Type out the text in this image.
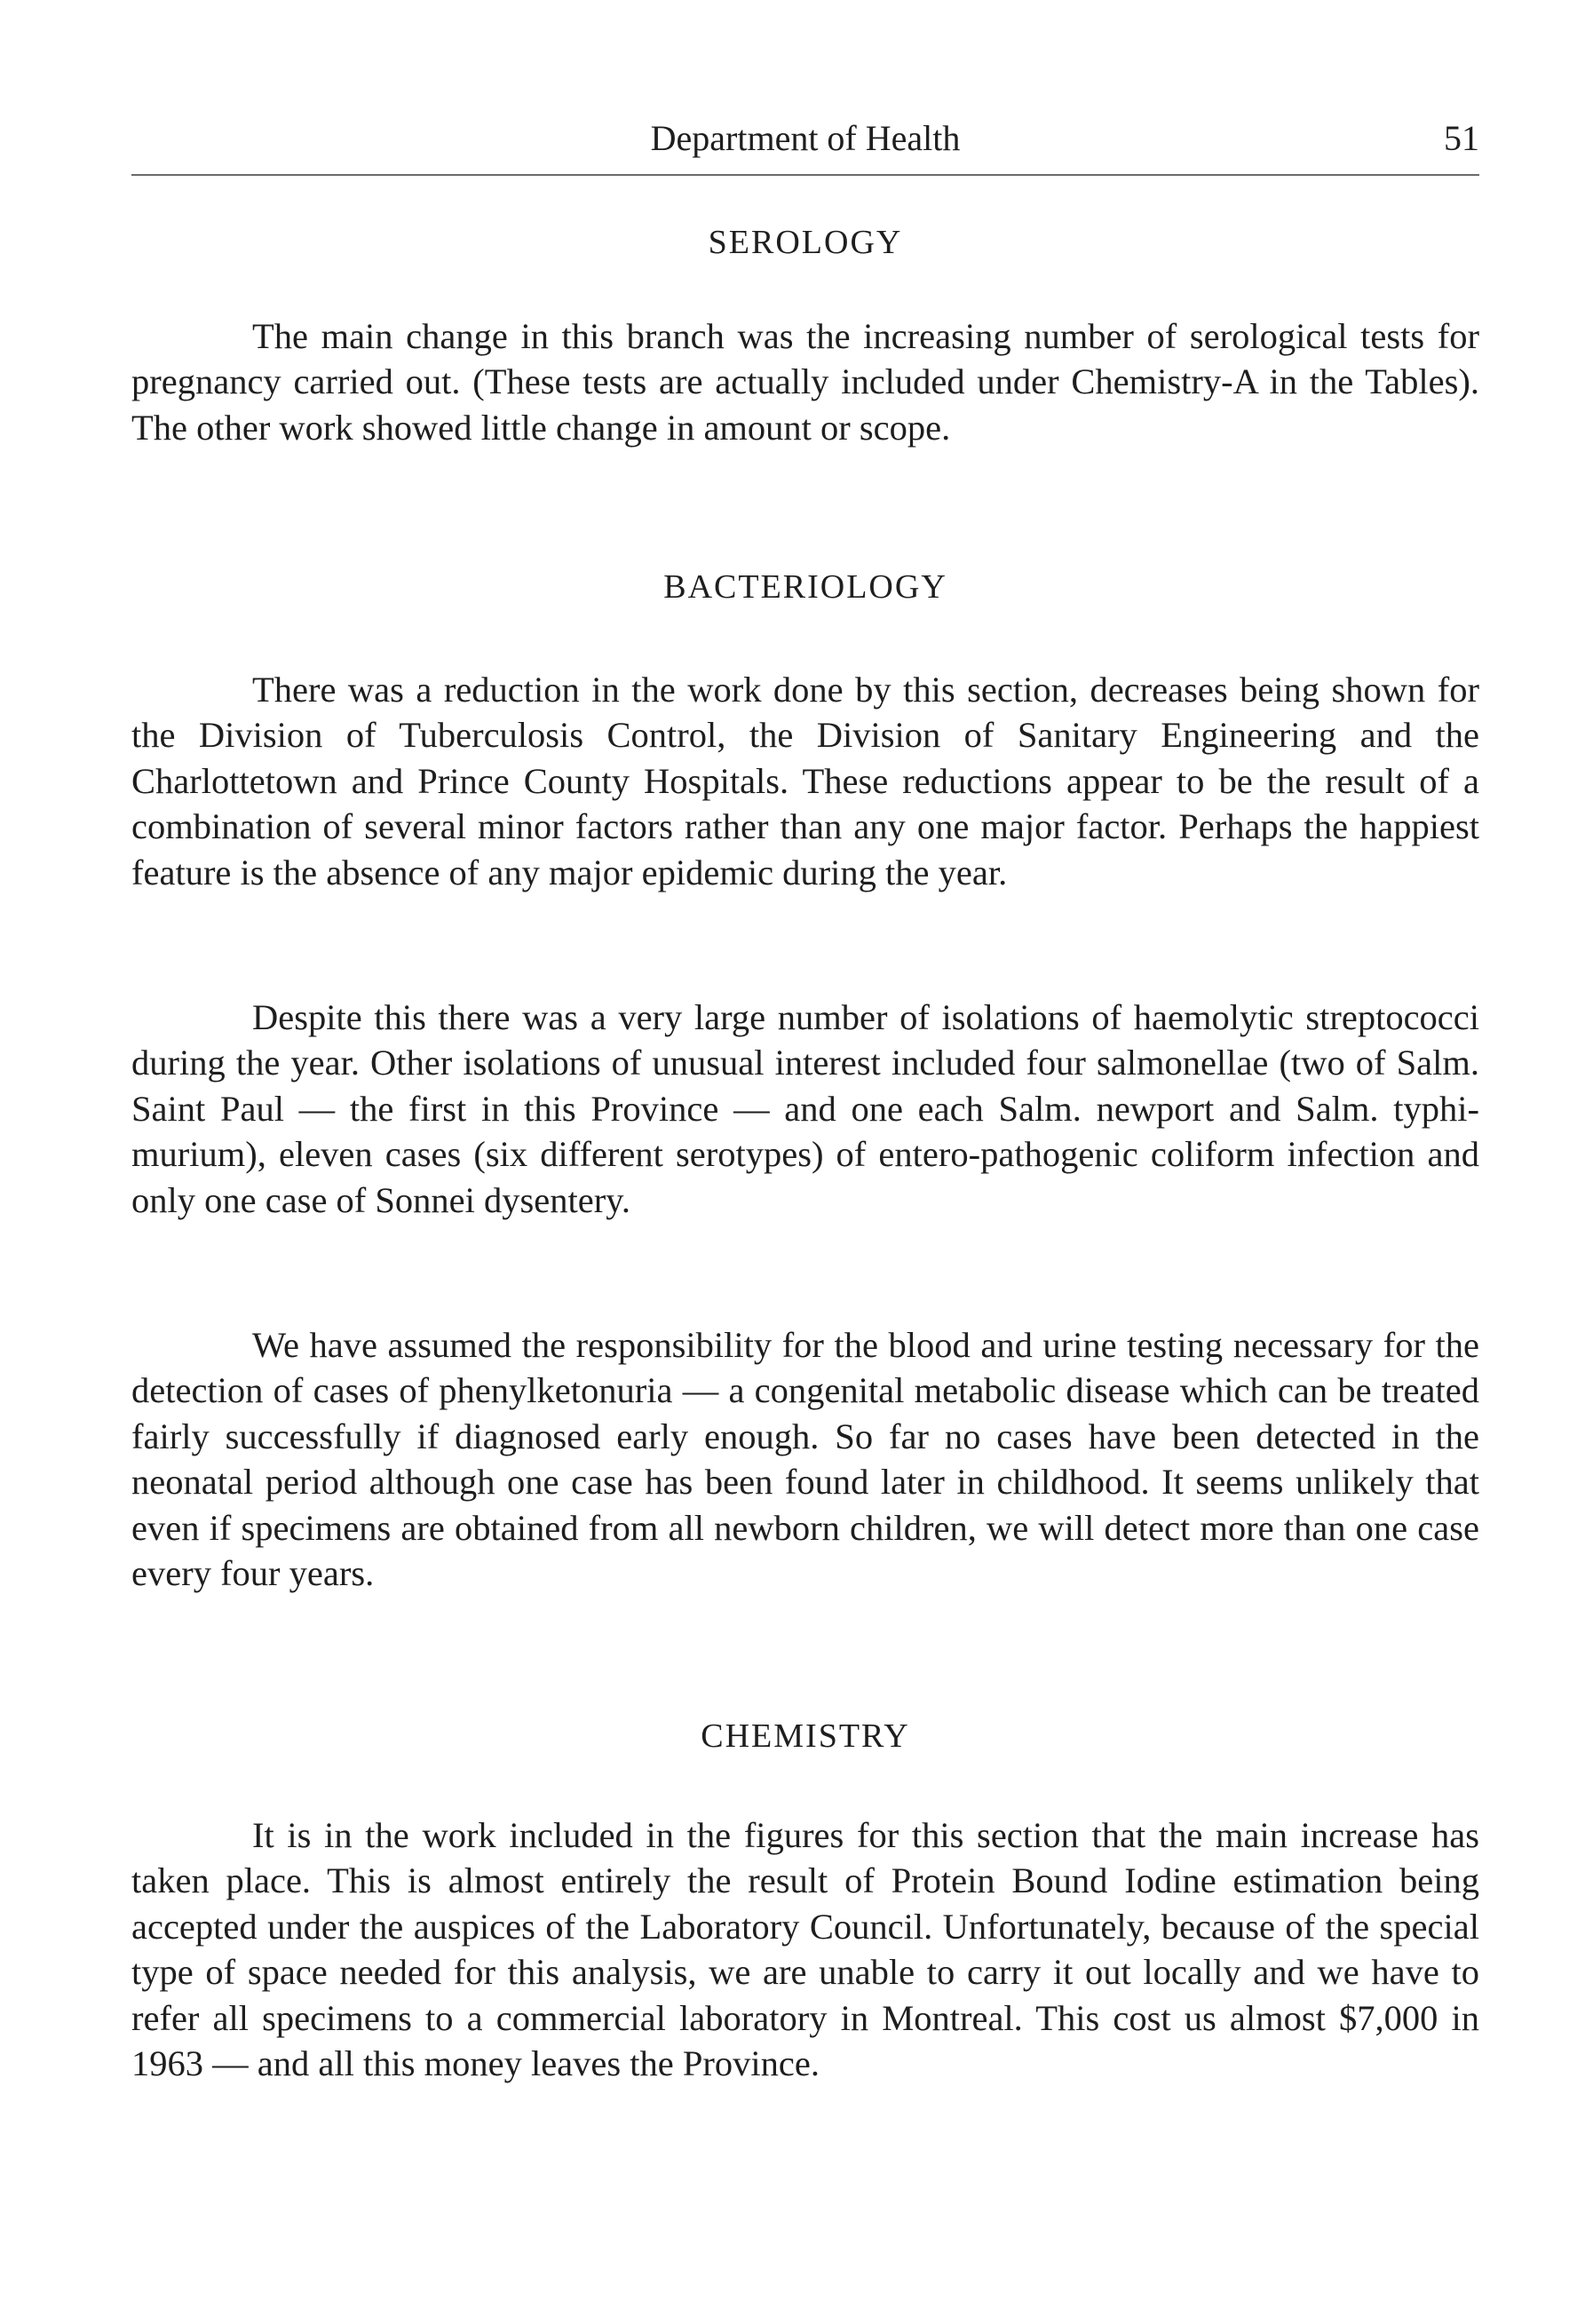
Department of Health	51
SEROLOGY

The main change in this branch was the increasing number of serological tests for pregnancy carried out. (These tests are actually included under Chemistry-A in the Tables). The other work showed little change in amount or scope.

BACTERIOLOGY

There was a reduction in the work done by this section, decreases being shown for the Division of Tuberculosis Control, the Division of Sanitary Engineering and the Charlottetown and Prince County Hospitals. These reductions appear to be the result of a combination of several minor factors rather than any one major factor. Perhaps the happiest feature is the absence of any major epidemic during the year.

Despite this there was a very large number of isolations of haemolytic streptococci during the year. Other isolations of unusual interest included four salmonellae (two of Salm. Saint Paul — the first in this Province — and one each Salm. newport and Salm. typhi-murium), eleven cases (six different serotypes) of entero-pathogenic coliform infection and only one case of Sonnei dysentery.

We have assumed the responsibility for the blood and urine testing necessary for the detection of cases of phenylketonuria — a congenital metabolic disease which can be treated fairly successfully if diagnosed early enough. So far no cases have been detected in the neonatal period although one case has been found later in childhood. It seems unlikely that even if specimens are obtained from all newborn children, we will detect more than one case every four years.

CHEMISTRY

It is in the work included in the figures for this section that the main increase has taken place. This is almost entirely the result of Protein Bound Iodine estimation being accepted under the auspices of the Laboratory Council. Unfortunately, because of the special type of space needed for this analysis, we are unable to carry it out locally and we have to refer all specimens to a commercial laboratory in Montreal. This cost us almost $7,000 in 1963 — and all this money leaves the Province.
